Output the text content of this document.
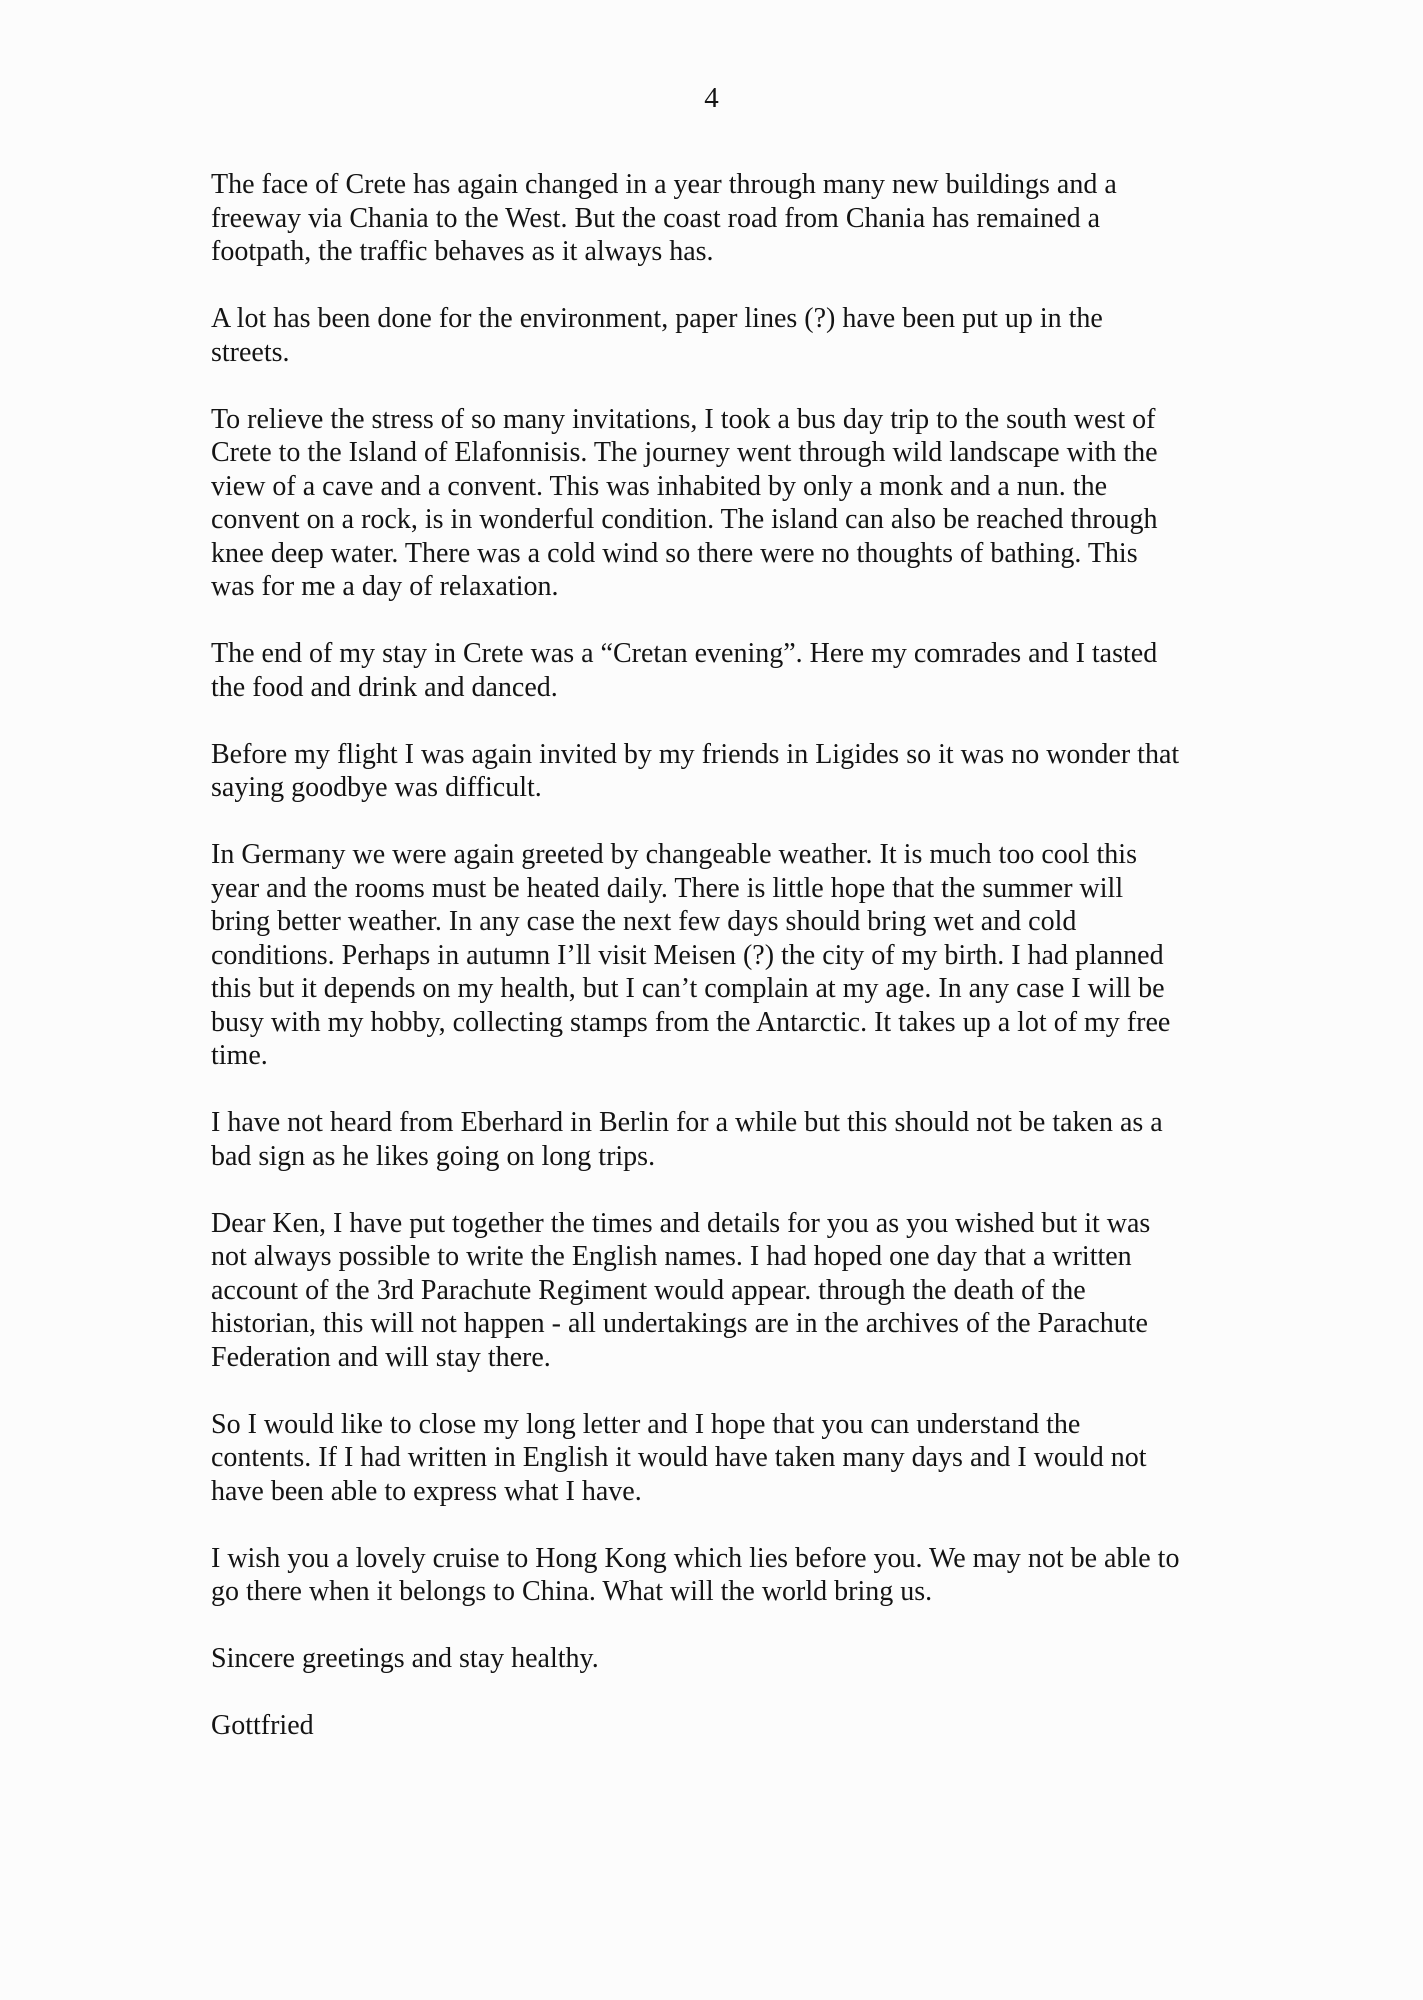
4

The face of Crete has again changed in a year through many new buildings and a
freeway via Chania to the West. But the coast road from Chania has remained a
footpath, the traffic behaves as it always has.

A lot has been done for the environment, paper lines (?) have been put up in the
streets.

To relieve the stress of so many invitations, I took a bus day trip to the south west of
Crete to the Island of Elafonnisis. The journey went through wild landscape with the
view of a cave and a convent. This was inhabited by only a monk and a nun. the
convent on a rock, is in wonderful condition. The island can also be reached through
knee deep water. There was a cold wind so there were no thoughts of bathing. This
was for me a day of relaxation.

The end of my stay in Crete was a “Cretan evening”. Here my comrades and I tasted
the food and drink and danced.

Before my flight I was again invited by my friends in Ligides so it was no wonder that
saying goodbye was difficult.

In Germany we were again greeted by changeable weather. It is much too cool this
year and the rooms must be heated daily. There is little hope that the summer will
bring better weather. In any case the next few days should bring wet and cold
conditions. Perhaps in autumn I’ll visit Meisen (?) the city of my birth. I had planned
this but it depends on my health, but I can’t complain at my age. In any case I will be
busy with my hobby, collecting stamps from the Antarctic. It takes up a lot of my free
time.

I have not heard from Eberhard in Berlin for a while but this should not be taken as a
bad sign as he likes going on long trips.

Dear Ken, I have put together the times and details for you as you wished but it was
not always possible to write the English names. I had hoped one day that a written
account of the 3rd Parachute Regiment would appear. through the death of the
historian, this will not happen - all undertakings are in the archives of the Parachute
Federation and will stay there.

So I would like to close my long letter and I hope that you can understand the
contents. If I had written in English it would have taken many days and I would not
have been able to express what I have.

I wish you a lovely cruise to Hong Kong which lies before you. We may not be able to
go there when it belongs to China. What will the world bring us.

Sincere greetings and stay healthy.

Gottfried
